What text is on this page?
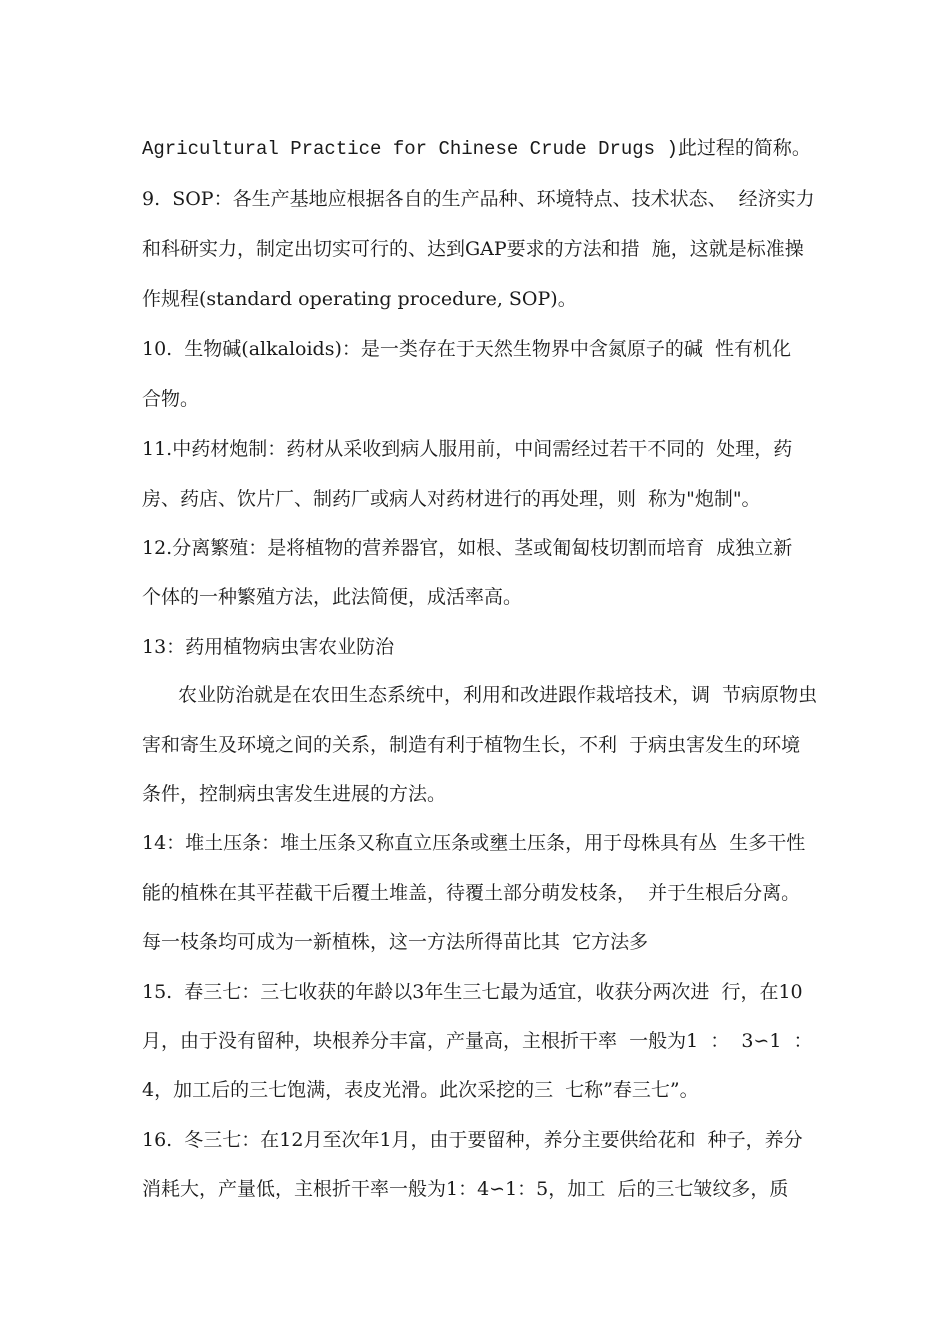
Agricultural Practice for Chinese Crude Drugs )此过程的简称。
9.  SOP：各生产基地应根据各自的生产品种、环境特点、技术状态、  经济实力
和科研实力，制定出切实可行的、达到GAP要求的方法和措  施，这就是标准操
作规程(standard operating procedure, SOP)。
10.  生物碱(alkaloids)：是一类存在于天然生物界中含氮原子的碱  性有机化
合物。
11.中药材炮制：药材从采收到病人服用前，中间需经过若干不同的  处理，药
房、药店、饮片厂、制药厂或病人对药材进行的再处理，则  称为"炮制"。
12.分离繁殖：是将植物的营养器官，如根、茎或匍匐枝切割而培育  成独立新
个体的一种繁殖方法，此法简便，成活率高。
13：药用植物病虫害农业防治
农业防治就是在农田生态系统中，利用和改进跟作栽培技术，调  节病原物虫
害和寄生及环境之间的关系，制造有利于植物生长，不利  于病虫害发生的环境
条件，控制病虫害发生进展的方法。
14：堆土压条：堆土压条又称直立压条或壅土压条，用于母株具有丛  生多干性
能的植株在其平茬截干后覆土堆盖，待覆土部分萌发枝条，  并于生根后分离。
每一枝条均可成为一新植株，这一方法所得苗比其  它方法多
15.  春三七：三七收获的年龄以3年生三七最为适宜，收获分两次进  行，在10
月，由于没有留种，块根养分丰富，产量高，主根折干率  一般为1  ：  3∽1  ：
4，加工后的三七饱满，表皮光滑。此次采挖的三  七称”春三七”。
16.  冬三七：在12月至次年1月，由于要留种，养分主要供给花和  种子，养分
消耗大，产量低，主根折干率一般为1：4∽1：5，加工  后的三七皱纹多，质
